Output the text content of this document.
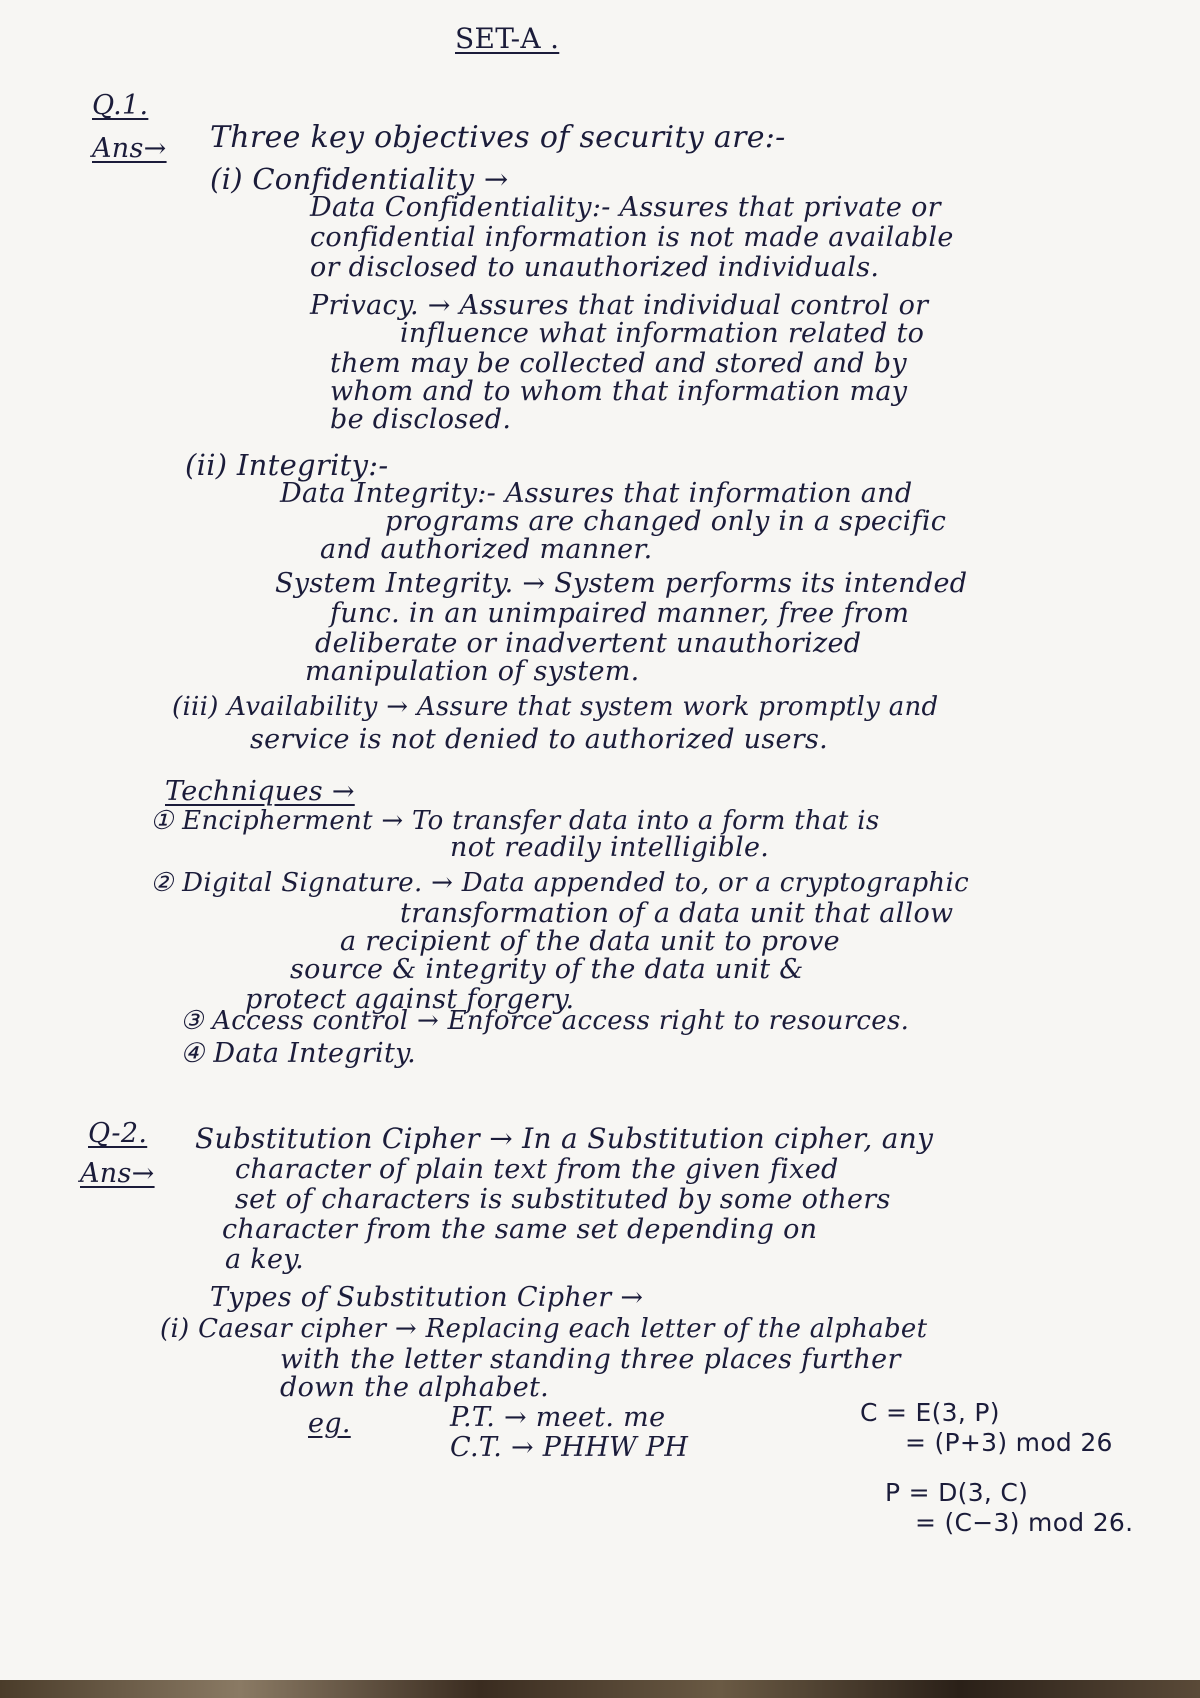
SET-A .
Q.1.
Ans→ Three key objectives of security are:-
(i) Confidentiality →
Data Confidentiality:- Assures that private or
confidential information is not made available
or disclosed to unauthorized individuals.
Privacy. → Assures that individual control or
influence what information related to
them may be collected and stored and by
whom and to whom that information may
be disclosed.
(ii) Integrity:-
Data Integrity:- Assures that information and
programs are changed only in a specific
and authorized manner.
System Integrity. → System performs its intended
func. in an unimpaired manner, free from
deliberate or inadvertent unauthorized
manipulation of system.
(iii) Availability → Assure that system work promptly and
service is not denied to authorized users.
Techniques →
① Encipherment → To transfer data into a form that is
not readily intelligible.
② Digital Signature. → Data appended to, or a cryptographic
transformation of a data unit that allow
a recipient of the data unit to prove
source & integrity of the data unit &
protect against forgery.
③ Access control → Enforce access right to resources.
④ Data Integrity.
Q-2.
Ans→
Substitution Cipher → In a Substitution cipher, any
character of plain text from the given fixed
set of characters is substituted by some others
character from the same set depending on
a key.
Types of Substitution Cipher →
(i) Caesar cipher → Replacing each letter of the alphabet
with the letter standing three places further
down the alphabet.
eg.	P.T. → meet. me
C.T. → PHHW PH
C = E(3, P)
= (P+3) mod 26
P = D(3, C)
= (C−3) mod 26.
